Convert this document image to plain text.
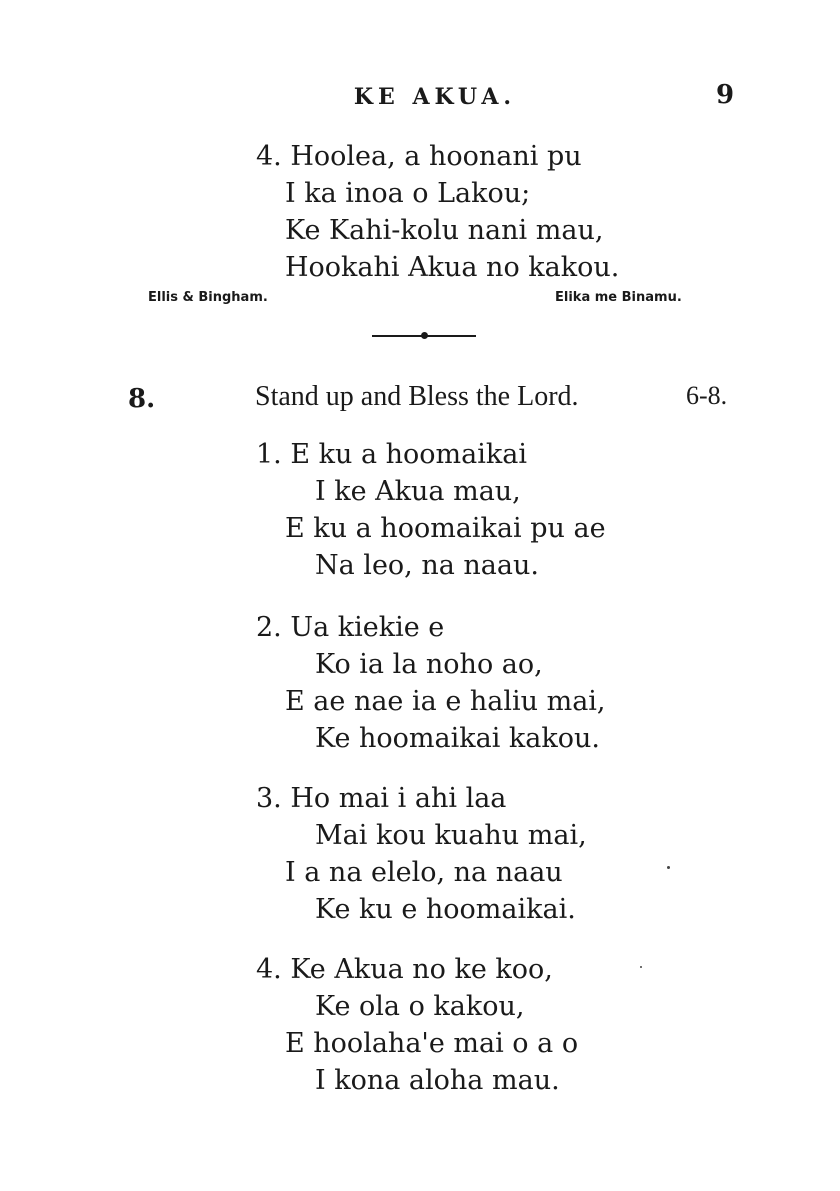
KE AKUA.	9
4. Hoolea, a hoonani pu
I ka inoa o Lakou;
Ke Kahi-kolu nani mau,
Hookahi Akua no kakou.
Ellis & Bingham.	Elika me Binamu.
8.	Stand up and Bless the Lord.	6-8.
1. E ku a hoomaikai
I ke Akua mau,
E ku a hoomaikai pu ae
Na leo, na naau.
2. Ua kiekie e
Ko ia la noho ao,
E ae nae ia e haliu mai,
Ke hoomaikai kakou.
3. Ho mai i ahi laa
Mai kou kuahu mai,
I a na elelo, na naau
Ke ku e hoomaikai.
4. Ke Akua no ke koo,
Ke ola o kakou,
E hoolaha'e mai o a o
I kona aloha mau.
